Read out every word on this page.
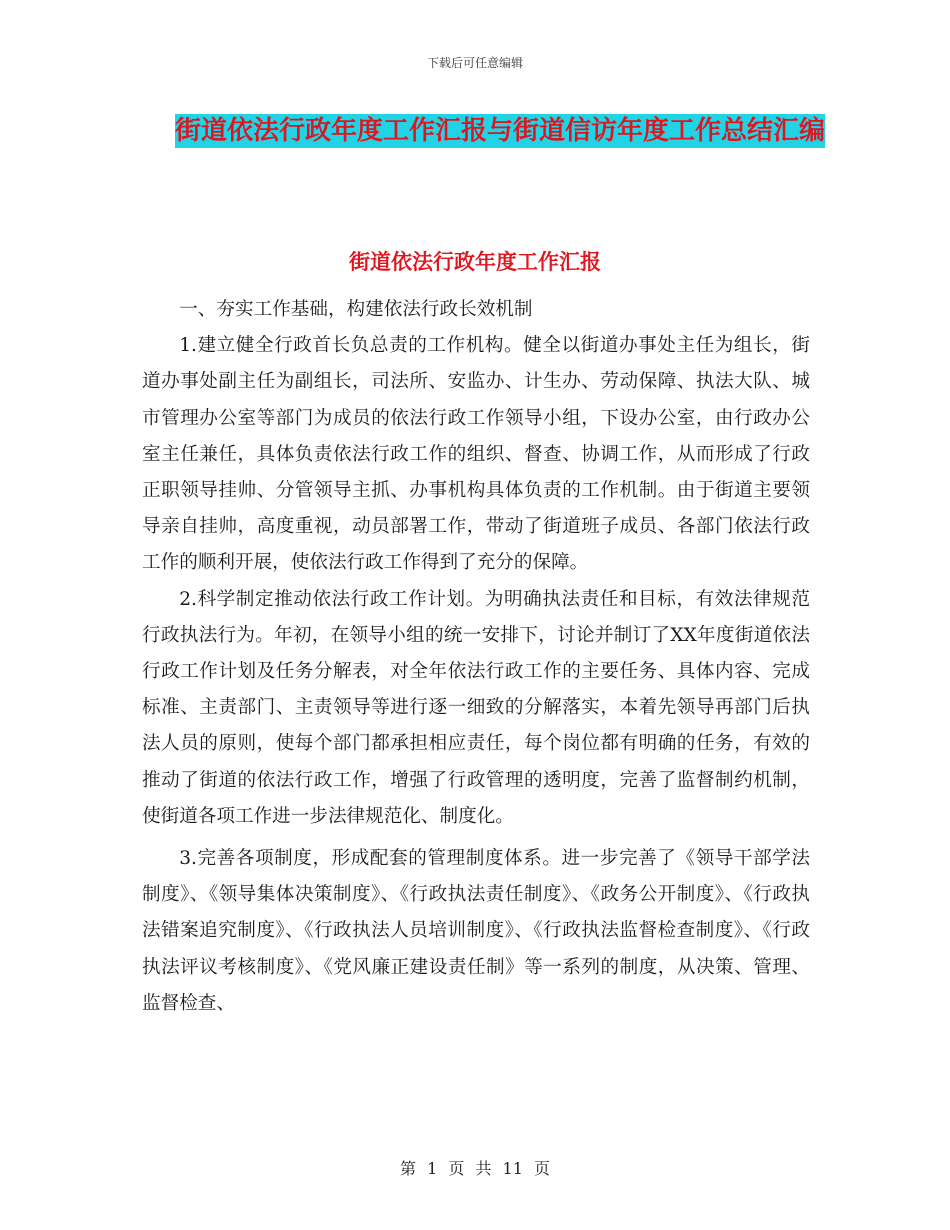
下载后可任意编辑
街道依法行政年度工作汇报与街道信访年度工作总结汇编
街道依法行政年度工作汇报

一、夯实工作基础，构建依法行政长效机制

1.建立健全行政首长负总责的工作机构。健全以街道办事处主任为组长，街道办事处副主任为副组长，司法所、安监办、计生办、劳动保障、执法大队、城市管理办公室等部门为成员的依法行政工作领导小组，下设办公室，由行政办公室主任兼任，具体负责依法行政工作的组织、督查、协调工作，从而形成了行政正职领导挂帅、分管领导主抓、办事机构具体负责的工作机制。由于街道主要领导亲自挂帅，高度重视，动员部署工作，带动了街道班子成员、各部门依法行政工作的顺利开展，使依法行政工作得到了充分的保障。

2.科学制定推动依法行政工作计划。为明确执法责任和目标，有效法律规范行政执法行为。年初，在领导小组的统一安排下，讨论并制订了XX年度街道依法行政工作计划及任务分解表，对全年依法行政工作的主要任务、具体内容、完成标准、主责部门、主责领导等进行逐一细致的分解落实，本着先领导再部门后执法人员的原则，使每个部门都承担相应责任，每个岗位都有明确的任务，有效的推动了街道的依法行政工作，增强了行政管理的透明度，完善了监督制约机制，使街道各项工作进一步法律规范化、制度化。

3.完善各项制度，形成配套的管理制度体系。进一步完善了《领导干部学法制度》、《领导集体决策制度》、《行政执法责任制度》、《政务公开制度》、《行政执法错案追究制度》、《行政执法人员培训制度》、《行政执法监督检查制度》、《行政执法评议考核制度》、《党风廉正建设责任制》等一系列的制度，从决策、管理、监督检查、

第 1 页 共 11 页
